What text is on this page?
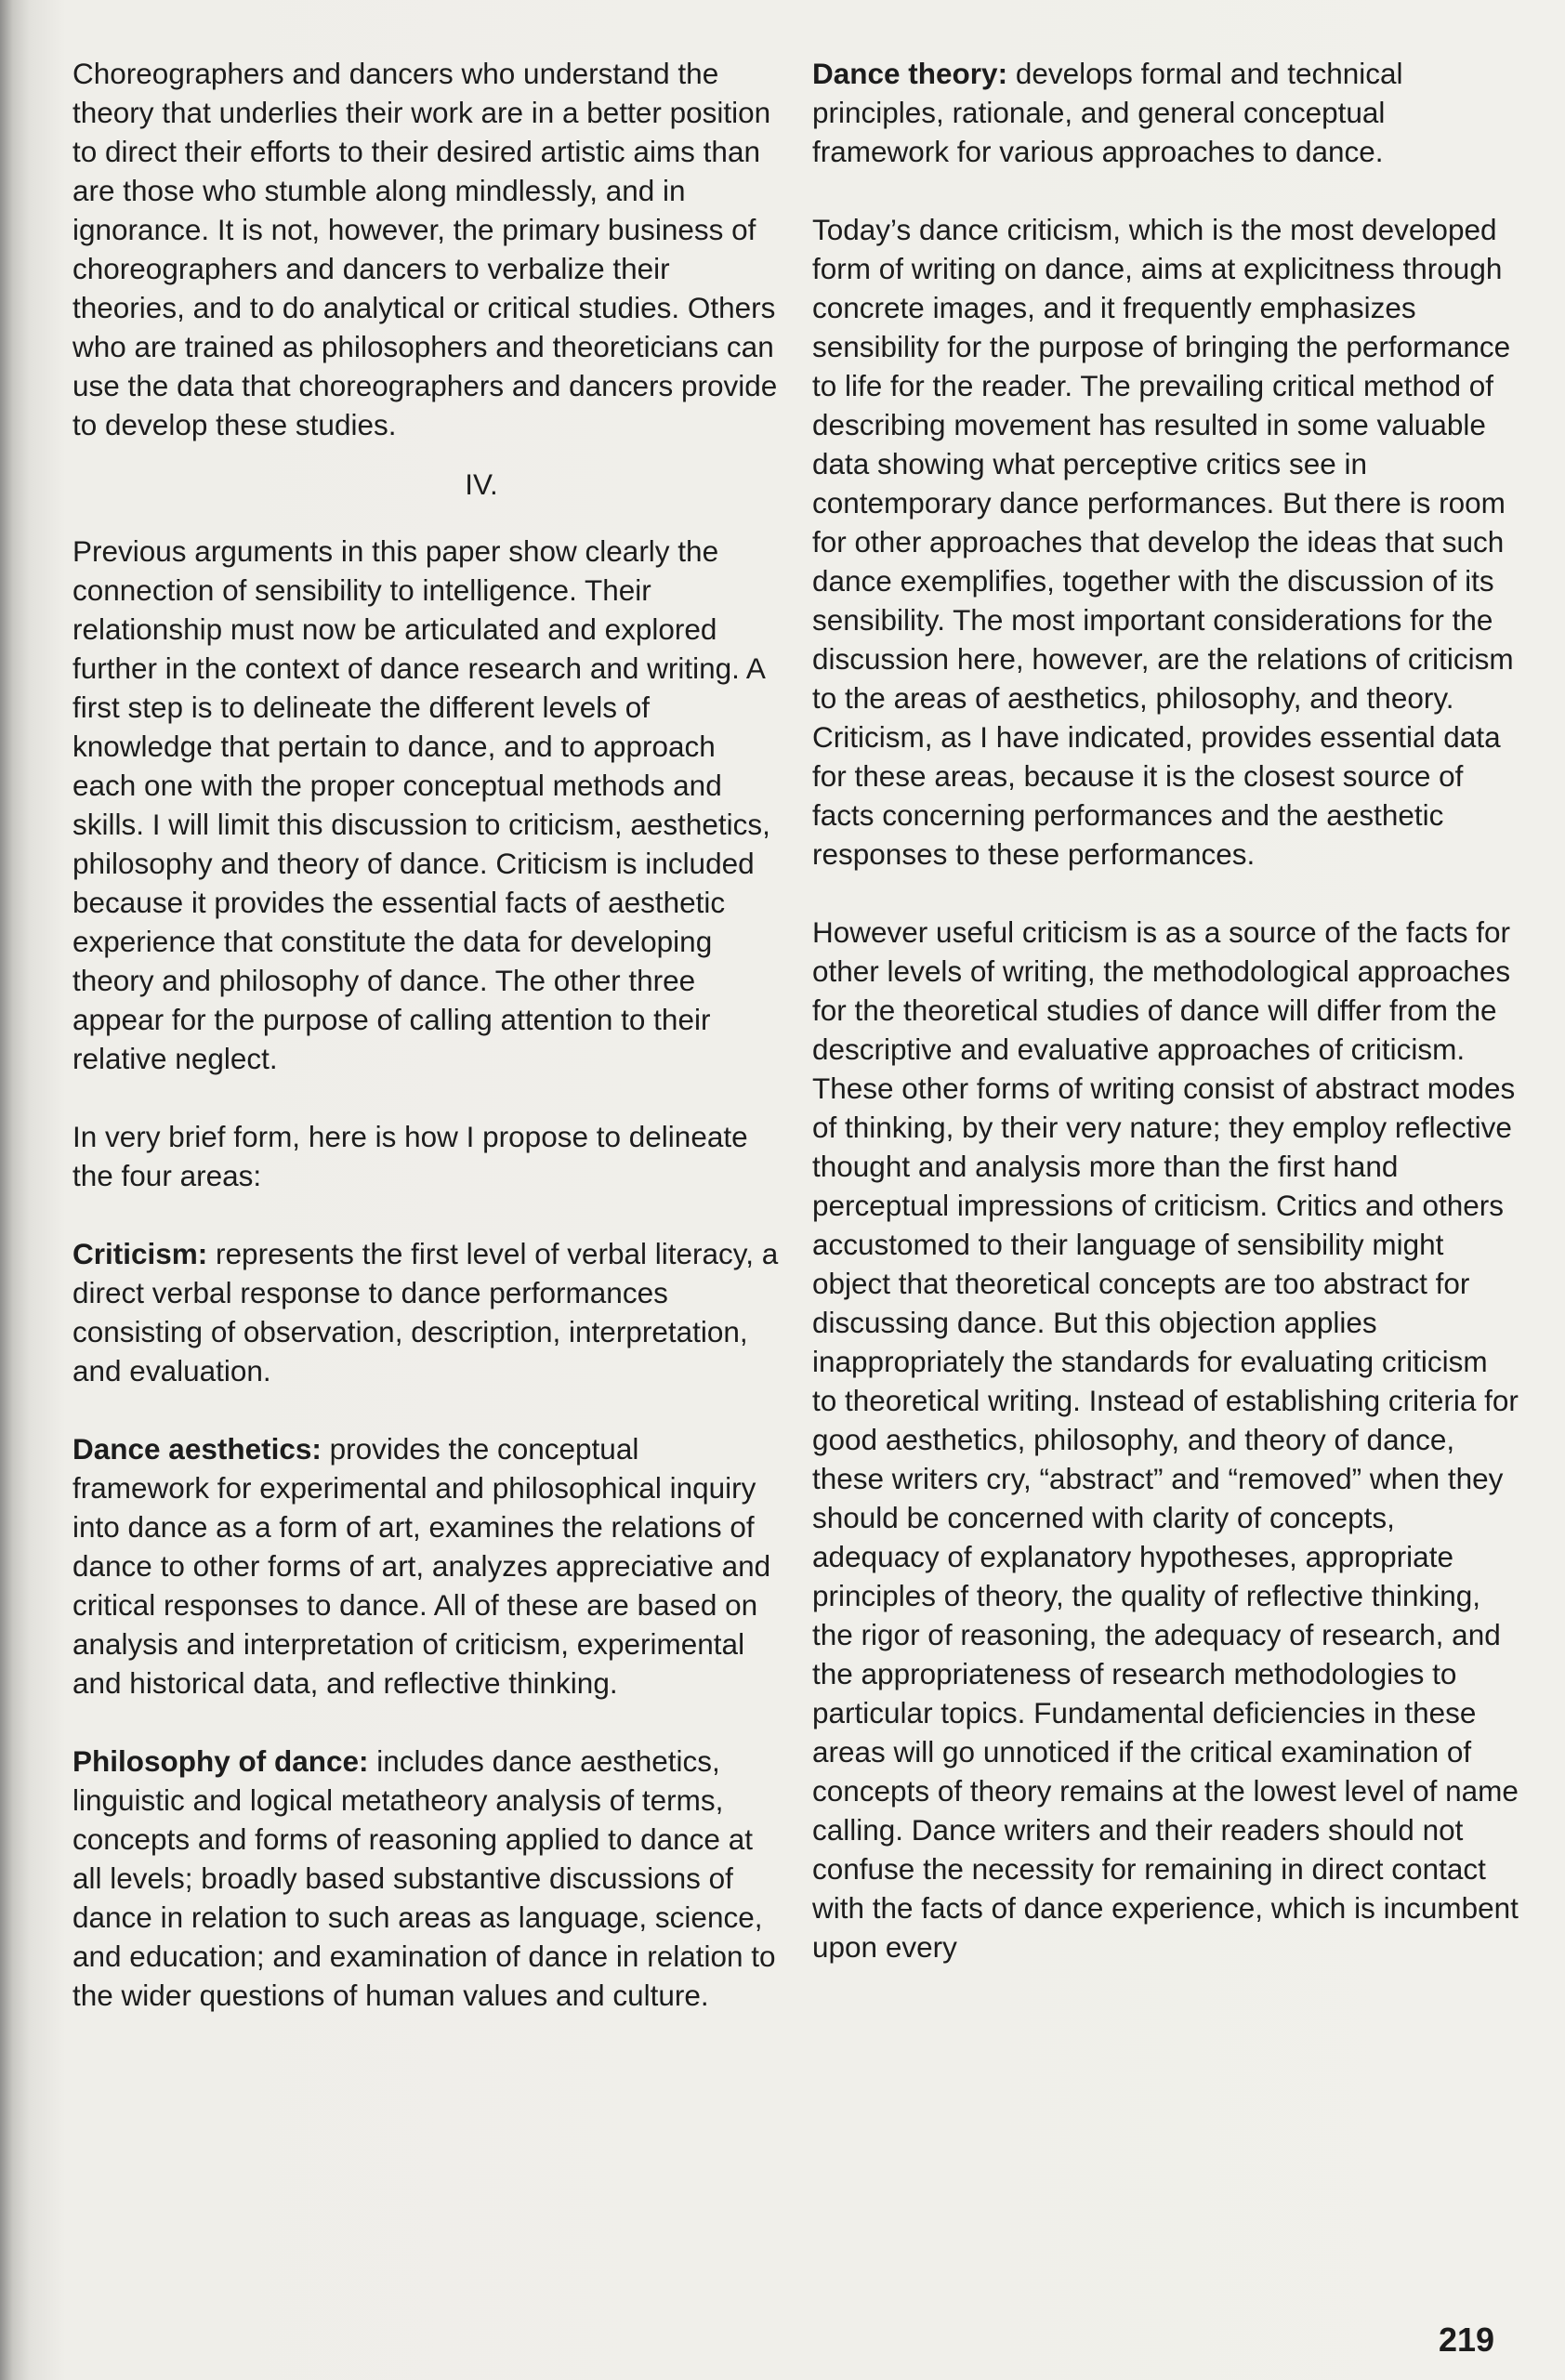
Choreographers and dancers who understand the theory that underlies their work are in a better position to direct their efforts to their desired artistic aims than are those who stumble along mindlessly, and in ignorance. It is not, however, the primary business of choreographers and dancers to verbalize their theories, and to do analytical or critical studies. Others who are trained as philosophers and theoreticians can use the data that choreographers and dancers provide to develop these studies.

IV.

Previous arguments in this paper show clearly the connection of sensibility to intelligence. Their relationship must now be articulated and explored further in the context of dance research and writing. A first step is to delineate the different levels of knowledge that pertain to dance, and to approach each one with the proper conceptual methods and skills. I will limit this discussion to criticism, aesthetics, philosophy and theory of dance. Criticism is included because it provides the essential facts of aesthetic experience that constitute the data for developing theory and philosophy of dance. The other three appear for the purpose of calling attention to their relative neglect.

In very brief form, here is how I propose to delineate the four areas:

Criticism: represents the first level of verbal literacy, a direct verbal response to dance performances consisting of observation, description, interpretation, and evaluation.

Dance aesthetics: provides the conceptual framework for experimental and philosophical inquiry into dance as a form of art, examines the relations of dance to other forms of art, analyzes appreciative and critical responses to dance. All of these are based on analysis and interpretation of criticism, experimental and historical data, and reflective thinking.

Philosophy of dance: includes dance aesthetics, linguistic and logical metatheory analysis of terms, concepts and forms of reasoning applied to dance at all levels; broadly based substantive discussions of dance in relation to such areas as language, science, and education; and examination of dance in relation to the wider questions of human values and culture.

Dance theory: develops formal and technical principles, rationale, and general conceptual framework for various approaches to dance.

Today’s dance criticism, which is the most developed form of writing on dance, aims at explicitness through concrete images, and it frequently emphasizes sensibility for the purpose of bringing the performance to life for the reader. The prevailing critical method of describing movement has resulted in some valuable data showing what perceptive critics see in contemporary dance performances. But there is room for other approaches that develop the ideas that such dance exemplifies, together with the discussion of its sensibility. The most important considerations for the discussion here, however, are the relations of criticism to the areas of aesthetics, philosophy, and theory. Criticism, as I have indicated, provides essential data for these areas, because it is the closest source of facts concerning performances and the aesthetic responses to these performances.

However useful criticism is as a source of the facts for other levels of writing, the methodological approaches for the theoretical studies of dance will differ from the descriptive and evaluative approaches of criticism. These other forms of writing consist of abstract modes of thinking, by their very nature; they employ reflective thought and analysis more than the first hand perceptual impressions of criticism. Critics and others accustomed to their language of sensibility might object that theoretical concepts are too abstract for discussing dance. But this objection applies inappropriately the standards for evaluating criticism to theoretical writing. Instead of establishing criteria for good aesthetics, philosophy, and theory of dance, these writers cry, “abstract” and “removed” when they should be concerned with clarity of concepts, adequacy of explanatory hypotheses, appropriate principles of theory, the quality of reflective thinking, the rigor of reasoning, the adequacy of research, and the appropriateness of research methodologies to particular topics. Fundamental deficiencies in these areas will go unnoticed if the critical examination of concepts of theory remains at the lowest level of name calling. Dance writers and their readers should not confuse the necessity for remaining in direct contact with the facts of dance experience, which is incumbent upon every

219
